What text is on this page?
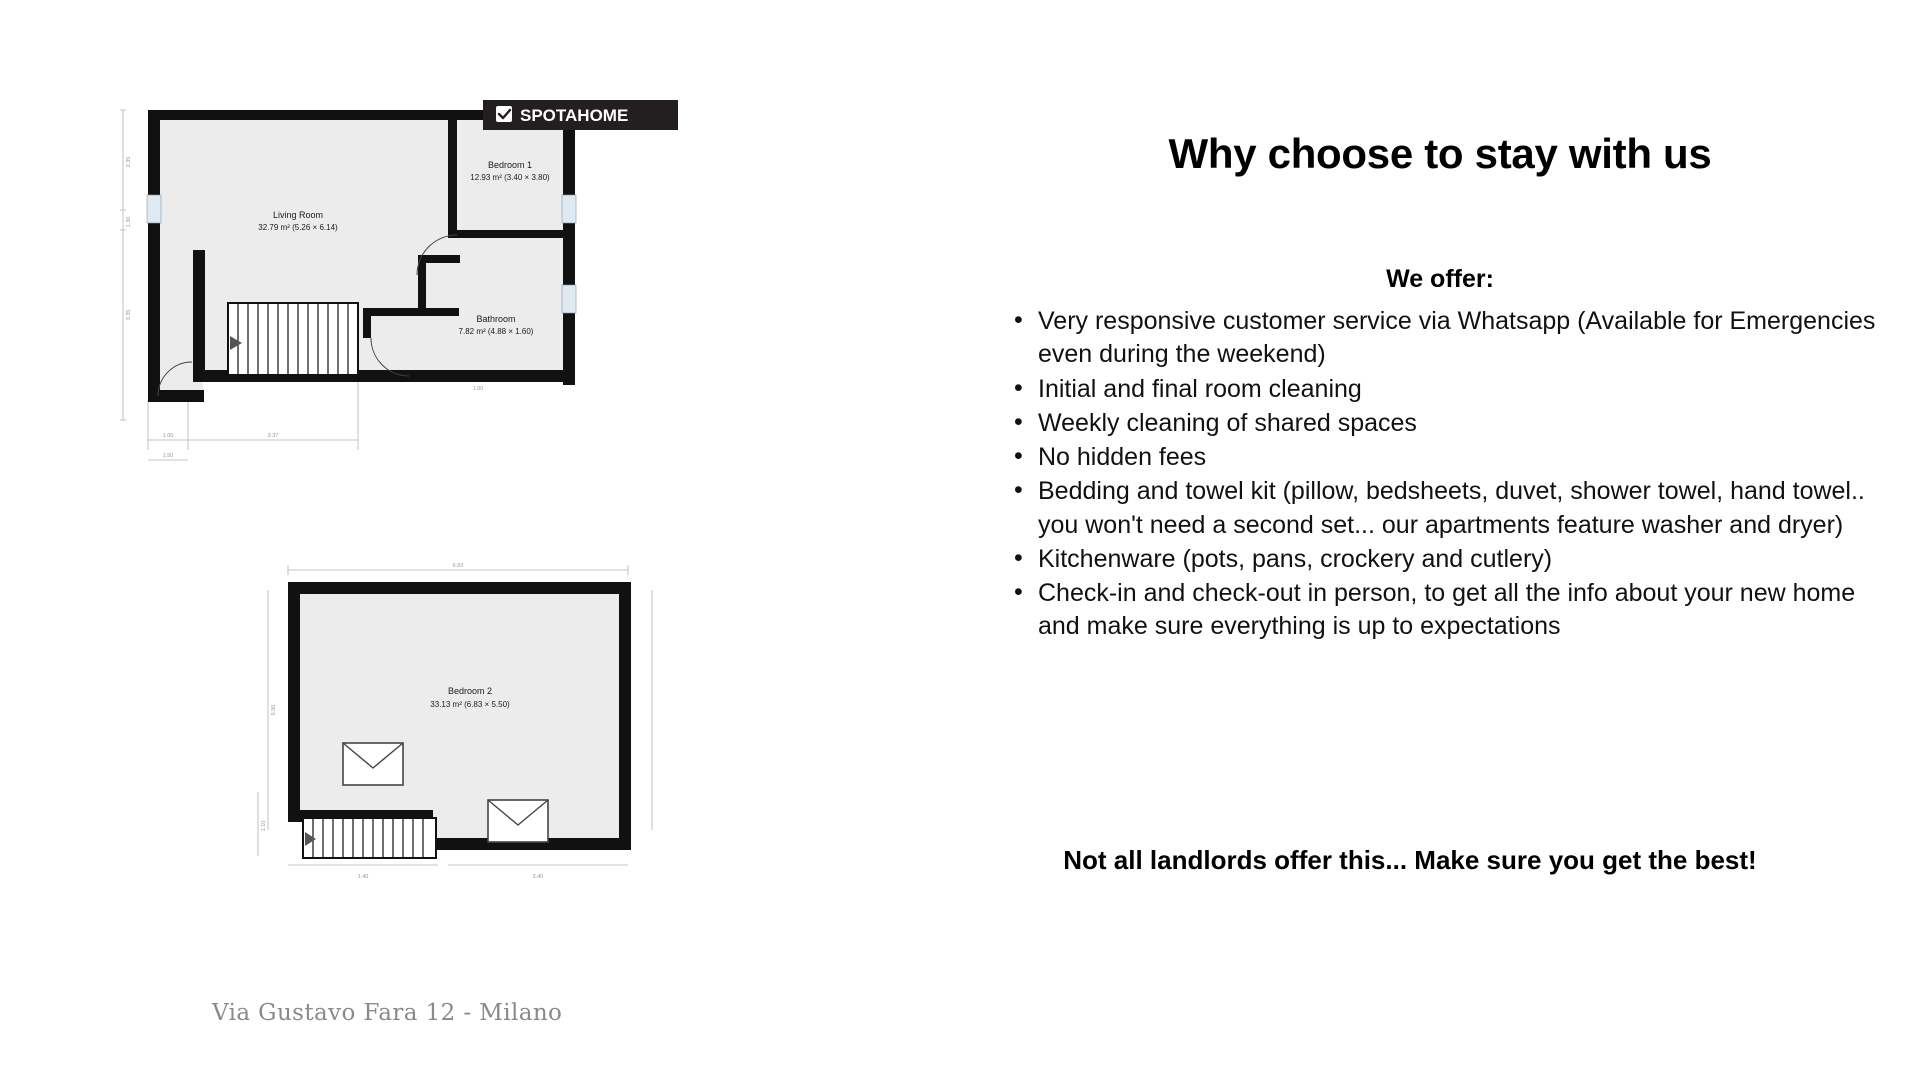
Living Room
32.79 m² (5.26 × 6.14)
Bedroom 1
12.93 m² (3.40 × 3.80)
Bathroom
7.82 m² (4.88 × 1.60)
2.35
1.30
3.35
1.00	3.37
1.50
1.60
SPOTAHOME
Bedroom 2
33.13 m² (6.83 × 5.50)
6.83
5.50
1.10
1.40	3.40
Via Gustavo Fara 12 - Milano
Why choose to stay with us
We offer:
• Very responsive customer service via Whatsapp (Available for Emergencies even during the weekend)
• Initial and final room cleaning
• Weekly cleaning of shared spaces
• No hidden fees
• Bedding and towel kit (pillow, bedsheets, duvet, shower towel, hand towel.. you won't need a second set... our apartments feature washer and dryer)
• Kitchenware (pots, pans, crockery and cutlery)
• Check-in and check-out in person, to get all the info about your new home and make sure everything is up to expectations
Not all landlords offer this... Make sure you get the best!
